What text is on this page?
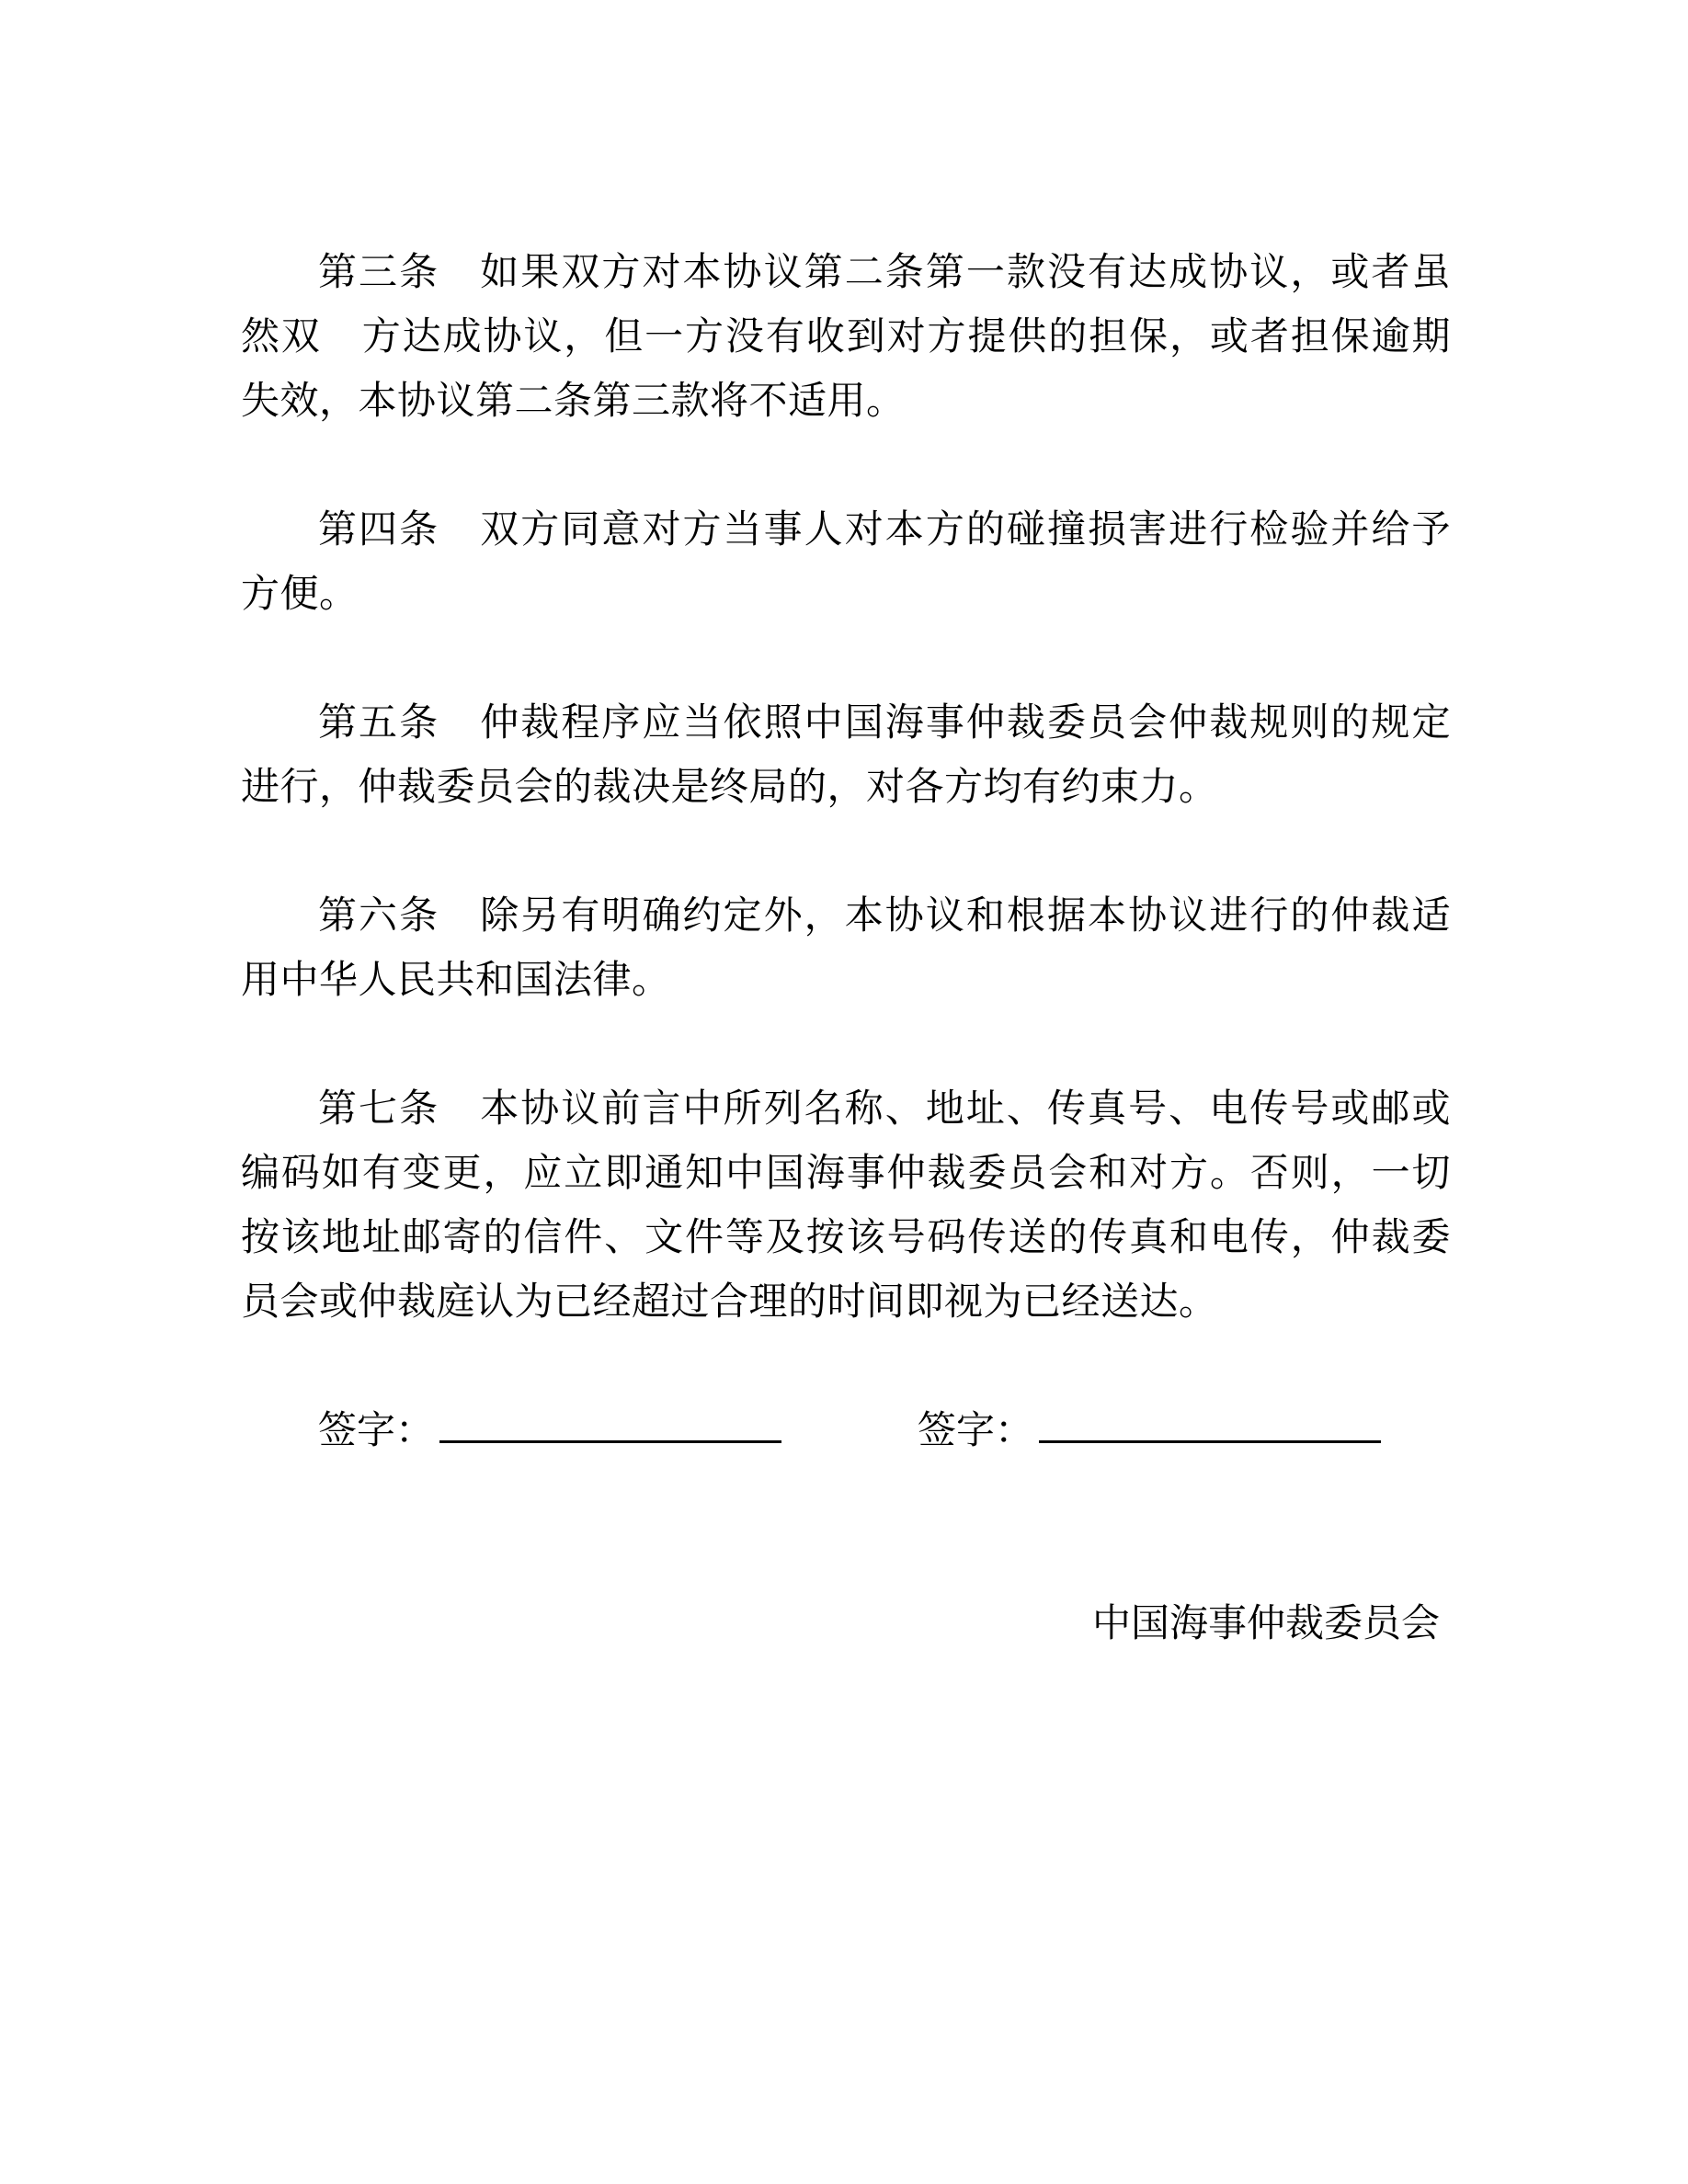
第三条　如果双方对本协议第二条第一款没有达成协议，或者虽然双　方达成协议，但一方没有收到对方提供的担保，或者担保逾期失效，本协议第二条第三款将不适用。

第四条　双方同意对方当事人对本方的碰撞损害进行检验并给予方便。

第五条　仲裁程序应当依照中国海事仲裁委员会仲裁规则的规定进行，仲裁委员会的裁决是终局的，对各方均有约束力。

第六条　除另有明确约定外，本协议和根据本协议进行的仲裁适用中华人民共和国法律。

第七条　本协议前言中所列名称、地址、传真号、电传号或邮或编码如有变更，应立即通知中国海事仲裁委员会和对方。否则，一切按该地址邮寄的信件、文件等及按该号码传送的传真和电传，仲裁委员会或仲裁庭认为已经超过合理的时间即视为已经送达。

签字：	签字：
中国海事仲裁委员会
